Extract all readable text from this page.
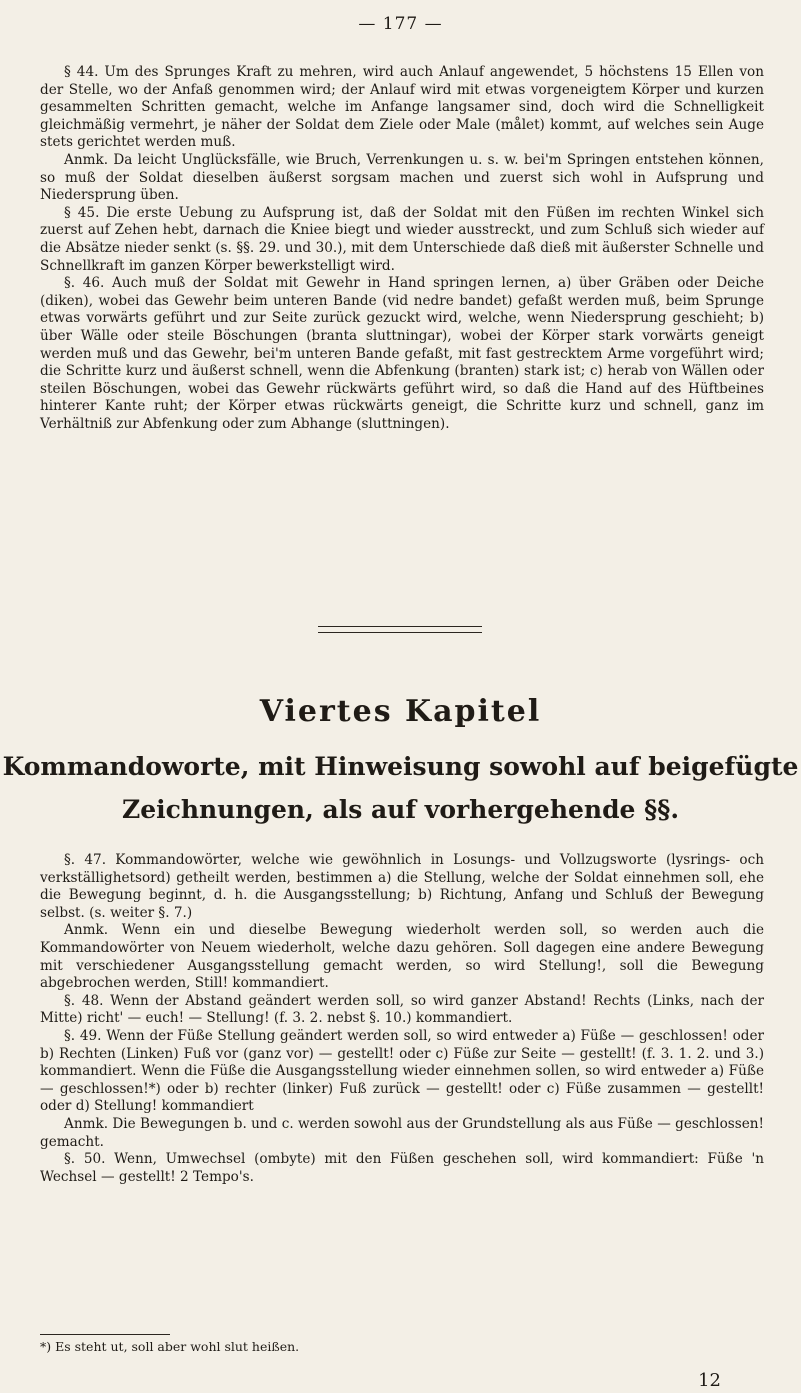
— 177 —

§ 44. Um des Sprunges Kraft zu mehren, wird auch Anlauf angewendet, 5 höchstens 15 Ellen von der Stelle, wo der Anfaß genommen wird; der Anlauf wird mit etwas vorgeneigtem Körper und kurzen gesammelten Schritten gemacht, welche im Anfange langsamer sind, doch wird die Schnelligkeit gleichmäßig vermehrt, je näher der Soldat dem Ziele oder Male (målet) kommt, auf welches sein Auge stets gerichtet werden muß.

Anmk. Da leicht Unglücksfälle, wie Bruch, Verrenkungen u. s. w. bei'm Springen entstehen können, so muß der Soldat dieselben äußerst sorgsam machen und zuerst sich wohl in Aufsprung und Niedersprung üben.

§ 45. Die erste Uebung zu Aufsprung ist, daß der Soldat mit den Füßen im rechten Winkel sich zuerst auf Zehen hebt, darnach die Kniee biegt und wieder ausstreckt, und zum Schluß sich wieder auf die Absätze nieder senkt (s. §§. 29. und 30.), mit dem Unterschiede daß dieß mit äußerster Schnelle und Schnellkraft im ganzen Körper bewerkstelligt wird.

§. 46. Auch muß der Soldat mit Gewehr in Hand springen lernen, a) über Gräben oder Deiche (diken), wobei das Gewehr beim unteren Bande (vid nedre bandet) gefaßt werden muß, beim Sprunge etwas vorwärts geführt und zur Seite zurück gezuckt wird, welche, wenn Niedersprung geschieht; b) über Wälle oder steile Böschungen (branta sluttningar), wobei der Körper stark vorwärts geneigt werden muß und das Gewehr, bei'm unteren Bande gefaßt, mit fast gestrecktem Arme vorgeführt wird; die Schritte kurz und äußerst schnell, wenn die Abfenkung (branten) stark ist; c) herab von Wällen oder steilen Böschungen, wobei das Gewehr rückwärts geführt wird, so daß die Hand auf des Hüftbeines hinterer Kante ruht; der Körper etwas rückwärts geneigt, die Schritte kurz und schnell, ganz im Verhältniß zur Abfenkung oder zum Abhange (sluttningen).

Viertes Kapitel
Kommandoworte, mit Hinweisung sowohl auf beigefügte
Zeichnungen, als auf vorhergehende §§.

§. 47. Kommandowörter, welche wie gewöhnlich in Losungs- und Vollzugsworte (lysrings- och verkställighetsord) getheilt werden, bestimmen a) die Stellung, welche der Soldat einnehmen soll, ehe die Bewegung beginnt, d. h. die Ausgangsstellung; b) Richtung, Anfang und Schluß der Bewegung selbst. (s. weiter §. 7.)

Anmk. Wenn ein und dieselbe Bewegung wiederholt werden soll, so werden auch die Kommandowörter von Neuem wiederholt, welche dazu gehören. Soll dagegen eine andere Bewegung mit verschiedener Ausgangsstellung gemacht werden, so wird Stellung!, soll die Bewegung abgebrochen werden, Still! kommandiert.

§. 48. Wenn der Abstand geändert werden soll, so wird ganzer Abstand! Rechts (Links, nach der Mitte) richt' — euch! — Stellung! (f. 3. 2. nebst §. 10.) kommandiert.

§. 49. Wenn der Füße Stellung geändert werden soll, so wird entweder a) Füße — geschlossen! oder b) Rechten (Linken) Fuß vor (ganz vor) — gestellt! oder c) Füße zur Seite — gestellt! (f. 3. 1. 2. und 3.) kommandiert. Wenn die Füße die Ausgangsstellung wieder einnehmen sollen, so wird entweder a) Füße — geschlossen!*) oder b) rechter (linker) Fuß zurück — gestellt! oder c) Füße zusammen — gestellt! oder d) Stellung! kommandiert

Anmk. Die Bewegungen b. und c. werden sowohl aus der Grundstellung als aus Füße — geschlossen! gemacht.

§. 50. Wenn, Umwechsel (ombyte) mit den Füßen geschehen soll, wird kommandiert: Füße 'n Wechsel — gestellt! 2 Tempo's.

*) Es steht ut, soll aber wohl slut heißen.
12
